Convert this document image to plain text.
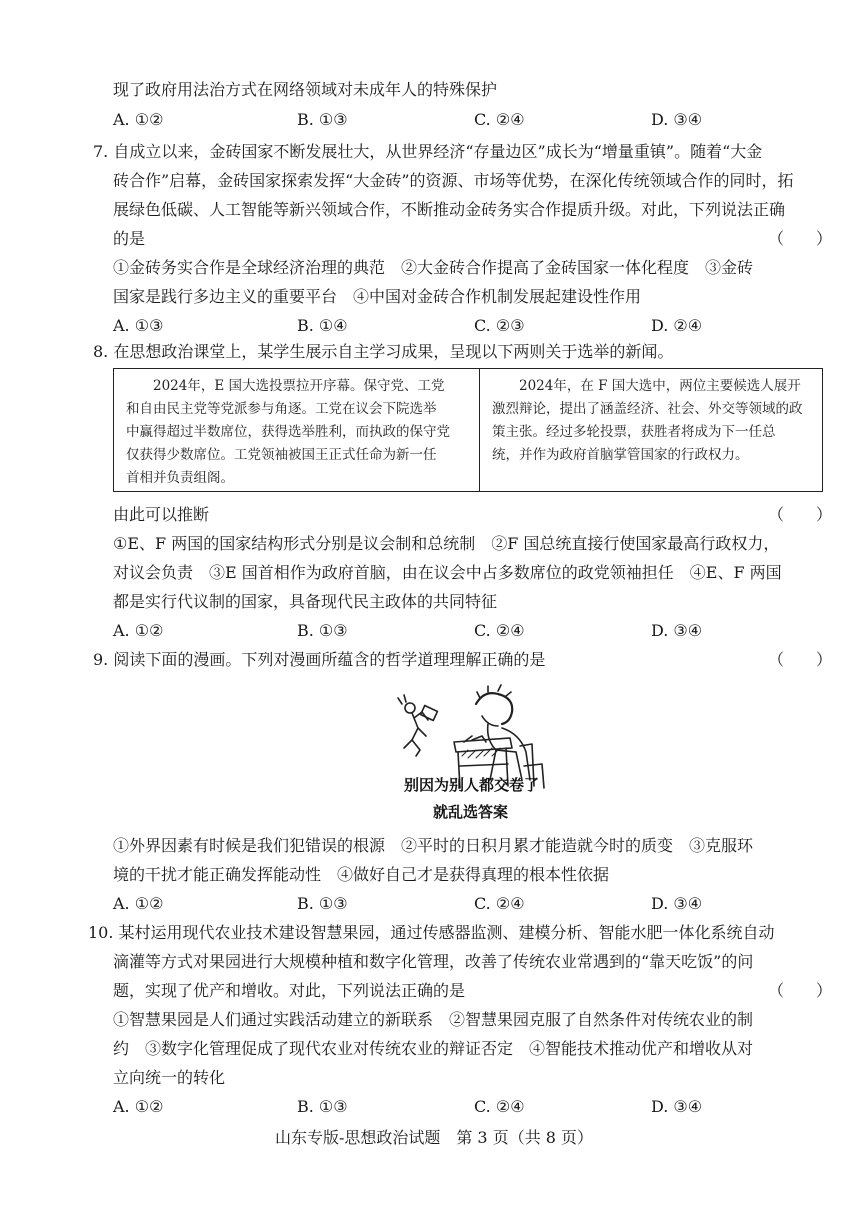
现了政府用法治方式在网络领域对未成年人的特殊保护
A. ①②	B. ①③	C. ②④	D. ③④
7. 自成立以来，金砖国家不断发展壮大，从世界经济“存量边区”成长为“增量重镇”。随着“大金
砖合作”启幕，金砖国家探索发挥“大金砖”的资源、市场等优势，在深化传统领域合作的同时，拓
展绿色低碳、人工智能等新兴领域合作，不断推动金砖务实合作提质升级。对此，下列说法正确
的是	（　　）
①金砖务实合作是全球经济治理的典范　②大金砖合作提高了金砖国家一体化程度　③金砖
国家是践行多边主义的重要平台　④中国对金砖合作机制发展起建设性作用
A. ①③	B. ①④	C. ②③	D. ②④
8. 在思想政治课堂上，某学生展示自主学习成果，呈现以下两则关于选举的新闻。
　　2024年，E 国大选投票拉开序幕。保守党、工党
和自由民主党等党派参与角逐。工党在议会下院选举
中赢得超过半数席位，获得选举胜利，而执政的保守党
仅获得少数席位。工党领袖被国王正式任命为新一任
首相并负责组阁。
　　2024年，在 F 国大选中，两位主要候选人展开
激烈辩论，提出了涵盖经济、社会、外交等领域的政
策主张。经过多轮投票，获胜者将成为下一任总
统，并作为政府首脑掌管国家的行政权力。
由此可以推断	（　　）
①E、F 两国的国家结构形式分别是议会制和总统制　②F 国总统直接行使国家最高行政权力，
对议会负责　③E 国首相作为政府首脑，由在议会中占多数席位的政党领袖担任　④E、F 两国
都是实行代议制的国家，具备现代民主政体的共同特征
A. ①②	B. ①③	C. ②④	D. ③④
9. 阅读下面的漫画。下列对漫画所蕴含的哲学道理理解正确的是	（　　）
别因为别人都交卷了
就乱选答案
①外界因素有时候是我们犯错误的根源　②平时的日积月累才能造就今时的质变　③克服环
境的干扰才能正确发挥能动性　④做好自己才是获得真理的根本性依据
A. ①②	B. ①③	C. ②④	D. ③④
10. 某村运用现代农业技术建设智慧果园，通过传感器监测、建模分析、智能水肥一体化系统自动
滴灌等方式对果园进行大规模种植和数字化管理，改善了传统农业常遇到的“靠天吃饭”的问
题，实现了优产和增收。对此，下列说法正确的是	（　　）
①智慧果园是人们通过实践活动建立的新联系　②智慧果园克服了自然条件对传统农业的制
约　③数字化管理促成了现代农业对传统农业的辩证否定　④智能技术推动优产和增收从对
立向统一的转化
A. ①②	B. ①③	C. ②④	D. ③④
山东专版-思想政治试题　第 3 页（共 8 页）
